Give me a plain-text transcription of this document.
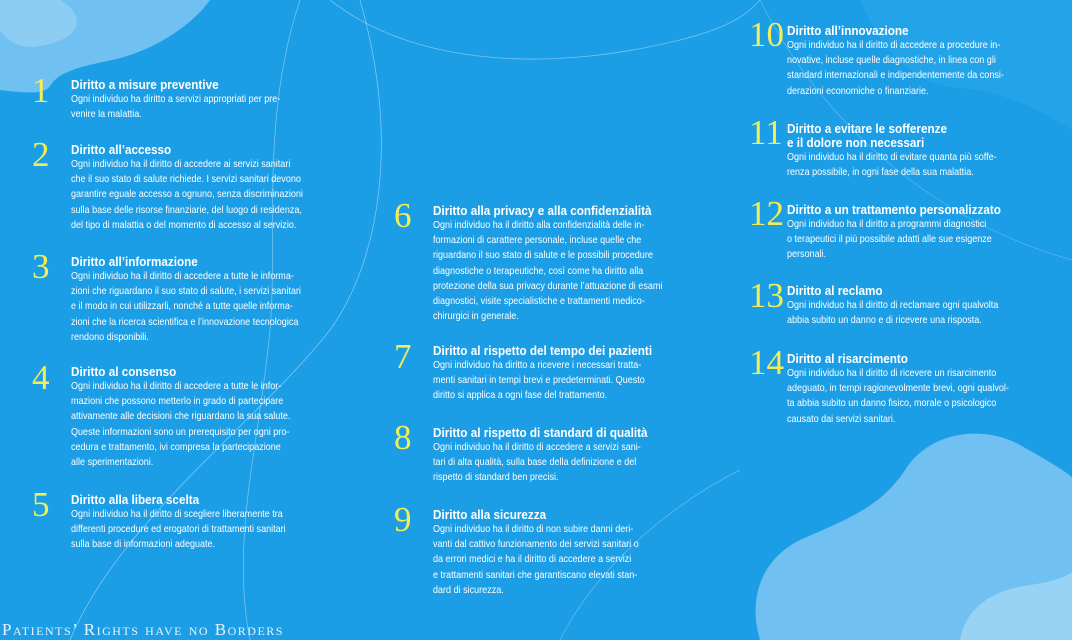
1 Diritto a misure preventive
Ogni individuo ha diritto a servizi appropriati per pre-
venire la malattia.
2 Diritto all’accesso
Ogni individuo ha il diritto di accedere ai servizi sanitari
che il suo stato di salute richiede. I servizi sanitari devono
garantire eguale accesso a ognuno, senza discriminazioni
sulla base delle risorse finanziarie, del luogo di residenza,
del tipo di malattia o del momento di accesso al servizio.
3 Diritto all’informazione
Ogni individuo ha il diritto di accedere a tutte le informa-
zioni che riguardano il suo stato di salute, i servizi sanitari
e il modo in cui utilizzarli, nonché a tutte quelle informa-
zioni che la ricerca scientifica e l’innovazione tecnologica
rendono disponibili.
4 Diritto al consenso
Ogni individuo ha il diritto di accedere a tutte le infor-
mazioni che possono metterlo in grado di partecipare
attivamente alle decisioni che riguardano la sua salute.
Queste informazioni sono un prerequisito per ogni pro-
cedura e trattamento, ivi compresa la partecipazione
alle sperimentazioni.
5 Diritto alla libera scelta
Ogni individuo ha il diritto di scegliere liberamente tra
differenti procedure ed erogatori di trattamenti sanitari
sulla base di informazioni adeguate.
6 Diritto alla privacy e alla confidenzialità
Ogni individuo ha il diritto alla confidenzialità delle in-
formazioni di carattere personale, incluse quelle che
riguardano il suo stato di salute e le possibili procedure
diagnostiche o terapeutiche, così come ha diritto alla
protezione della sua privacy durante l’attuazione di esami
diagnostici, visite specialistiche e trattamenti medico-
chirurgici in generale.
7 Diritto al rispetto del tempo dei pazienti
Ogni individuo ha diritto a ricevere i necessari tratta-
menti sanitari in tempi brevi e predeterminati. Questo
diritto si applica a ogni fase del trattamento.
8 Diritto al rispetto di standard di qualità
Ogni individuo ha il diritto di accedere a servizi sani-
tari di alta qualità, sulla base della definizione e del
rispetto di standard ben precisi.
9 Diritto alla sicurezza
Ogni individuo ha il diritto di non subire danni deri-
vanti dal cattivo funzionamento dei servizi sanitari o
da errori medici e ha il diritto di accedere a servizi
e trattamenti sanitari che garantiscano elevati stan-
dard di sicurezza.
10 Diritto all’innovazione
Ogni individuo ha il diritto di accedere a procedure in-
novative, incluse quelle diagnostiche, in linea con gli
standard internazionali e indipendentemente da consi-
derazioni economiche o finanziarie.
11 Diritto a evitare le sofferenze
e il dolore non necessari
Ogni individuo ha il diritto di evitare quanta più soffe-
renza possibile, in ogni fase della sua malattia.
12 Diritto a un trattamento personalizzato
Ogni individuo ha il diritto a programmi diagnostici
o terapeutici il più possibile adatti alle sue esigenze
personali.
13 Diritto al reclamo
Ogni individuo ha il diritto di reclamare ogni qualvolta
abbia subito un danno e di ricevere una risposta.
14 Diritto al risarcimento
Ogni individuo ha il diritto di ricevere un risarcimento
adeguato, in tempi ragionevolmente brevi, ogni qualvol-
ta abbia subito un danno fisico, morale o psicologico
causato dai servizi sanitari.
Patients’ Rights have no Borders
